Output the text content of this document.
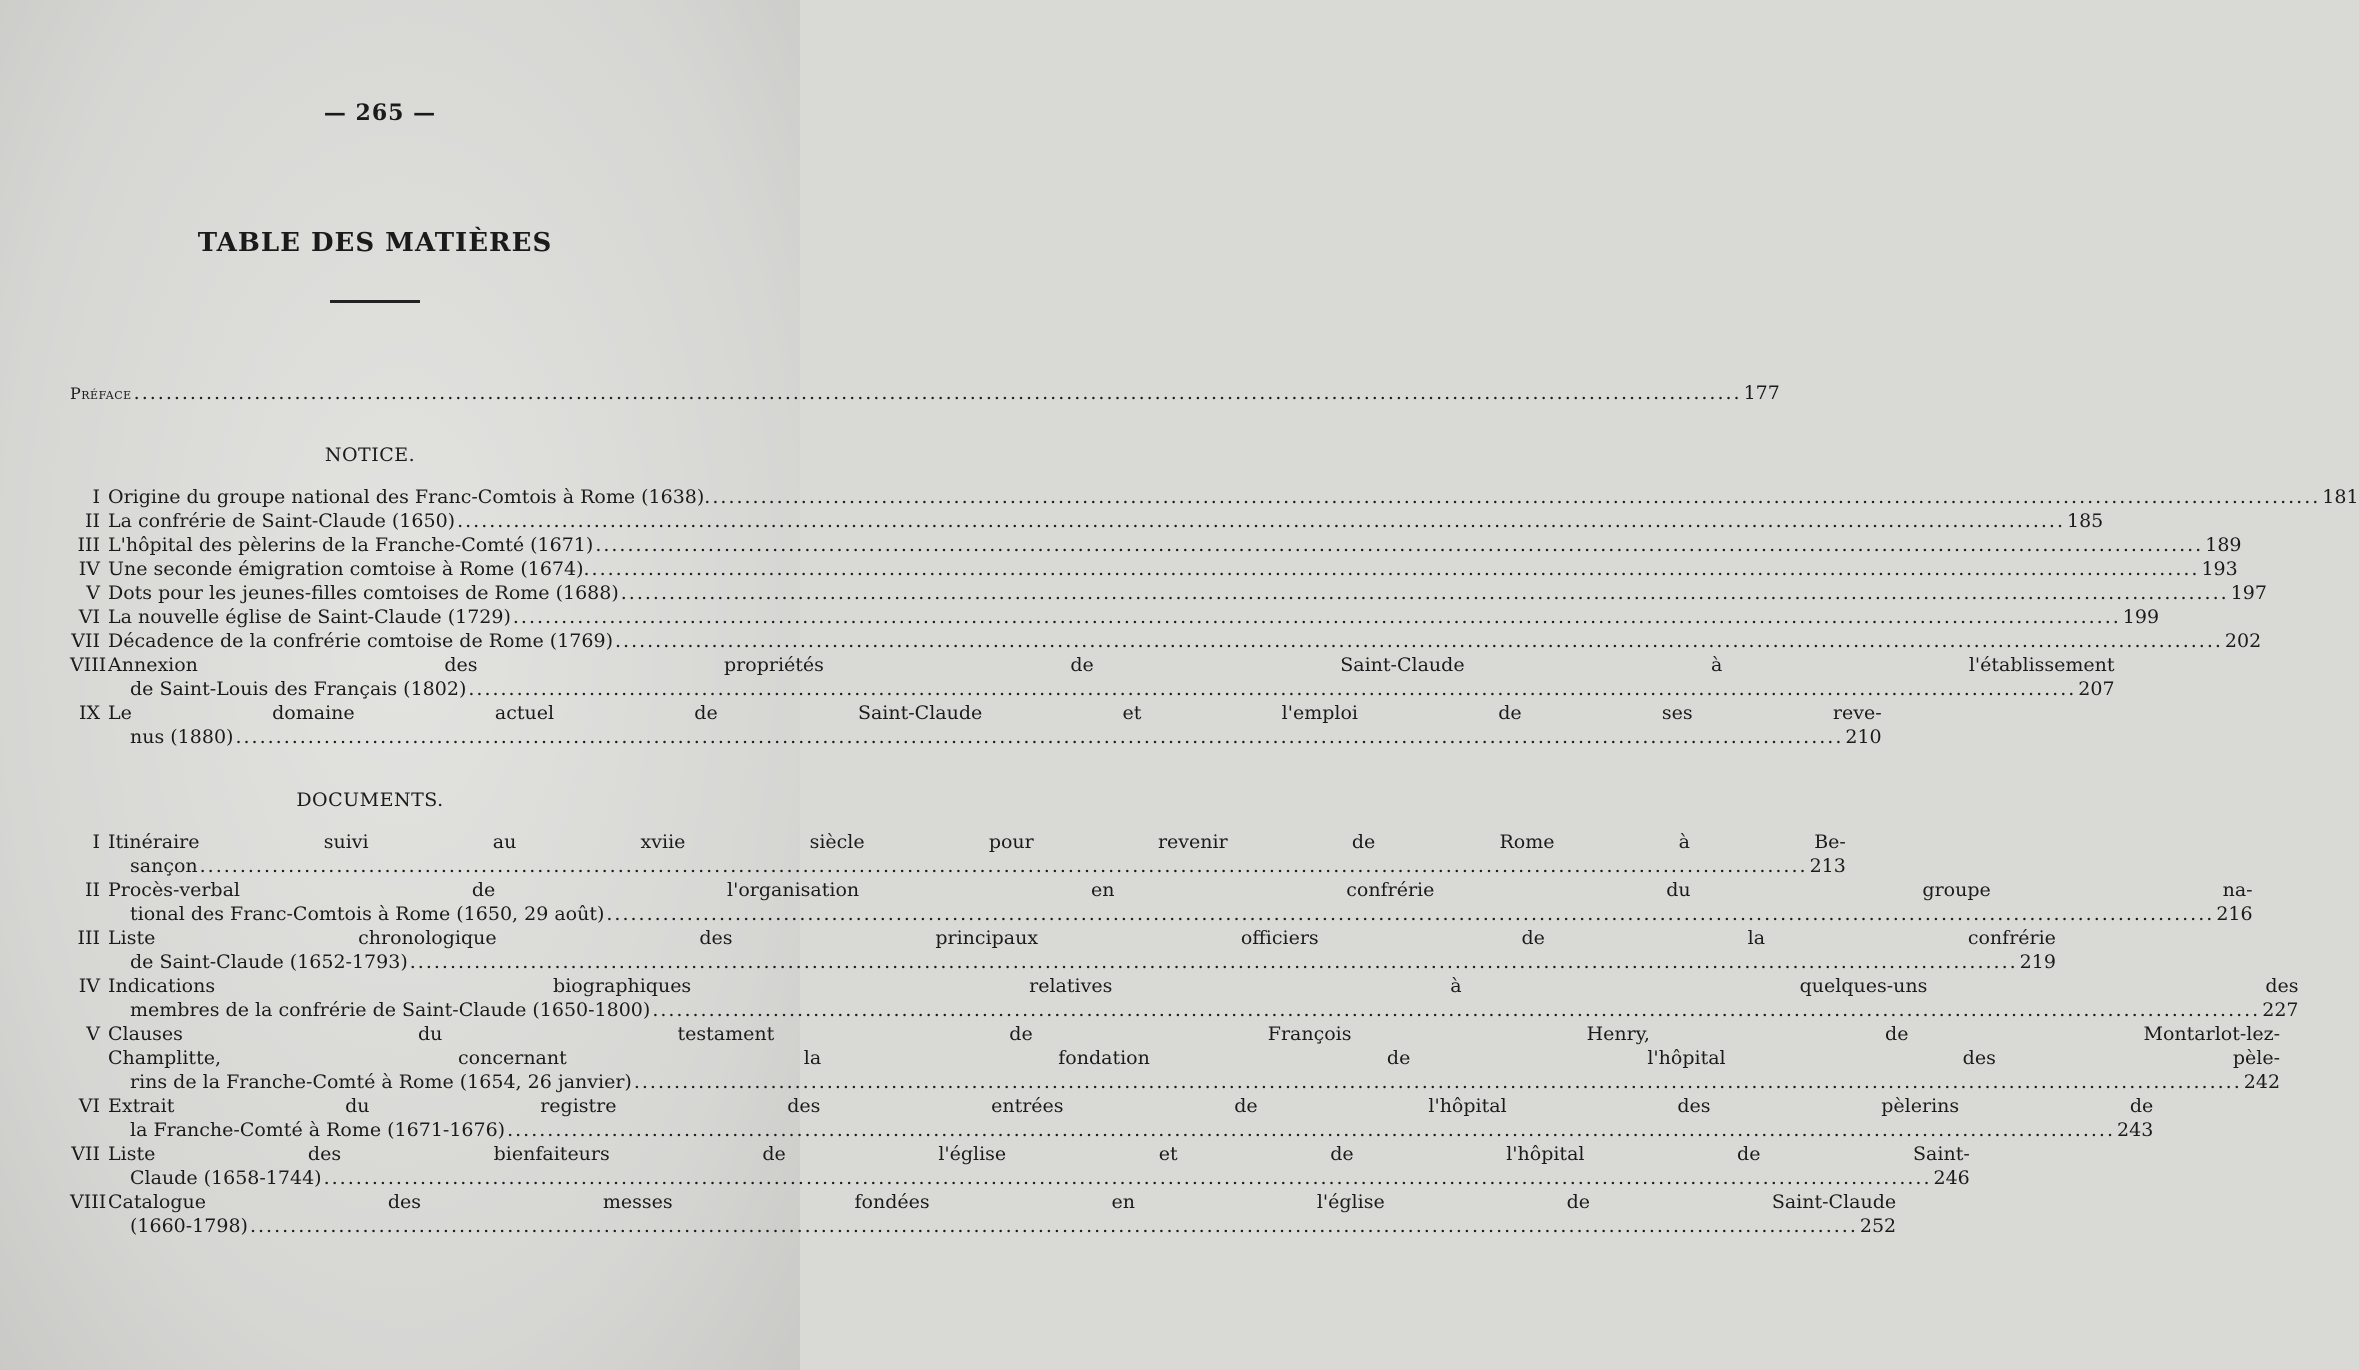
— 265 —
TABLE DES MATIÈRES
Préface .....	177
NOTICE.
I Origine du groupe national des Franc-Comtois à Rome (1638). .....	181
II La confrérie de Saint-Claude (1650) .....	185
III L'hôpital des pèlerins de la Franche-Comté (1671) .....	189
IV Une seconde émigration comtoise à Rome (1674). .....	193
V Dots pour les jeunes-filles comtoises de Rome (1688) .....	197
VI La nouvelle église de Saint-Claude (1729) .....	199
VII Décadence de la confrérie comtoise de Rome (1769) .....	202
VIII Annexion des propriétés de Saint-Claude à l'établissement
de Saint-Louis des Français (1802) .....	207
IX Le domaine actuel de Saint-Claude et l'emploi de ses reve-
nus (1880) .....	210
DOCUMENTS.
I Itinéraire suivi au xviie siècle pour revenir de Rome à Be-
sançon .....	213
II Procès-verbal de l'organisation en confrérie du groupe na-
tional des Franc-Comtois à Rome (1650, 29 août) .....	216
III Liste chronologique des principaux officiers de la confrérie
de Saint-Claude (1652-1793) .....	219
IV Indications biographiques relatives à quelques-uns des
membres de la confrérie de Saint-Claude (1650-1800) .....	227
V Clauses du testament de François Henry, de Montarlot-lez-
Champlitte, concernant la fondation de l'hôpital des pèle-
rins de la Franche-Comté à Rome (1654, 26 janvier) .....	242
VI Extrait du registre des entrées de l'hôpital des pèlerins de
la Franche-Comté à Rome (1671-1676) .....	243
VII Liste des bienfaiteurs de l'église et de l'hôpital de Saint-
Claude (1658-1744) .....	246
VIII Catalogue des messes fondées en l'église de Saint-Claude
(1660-1798) .....	252
